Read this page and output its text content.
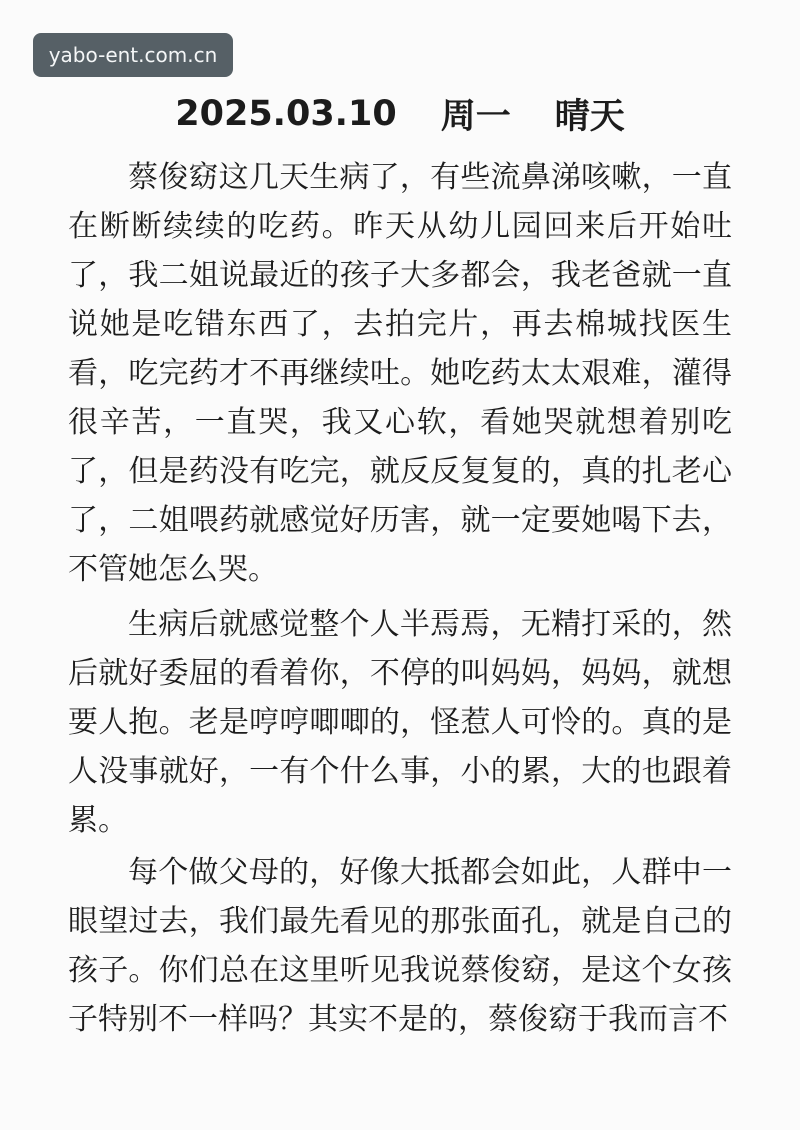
yabo-ent.com.cn
2025.03.10 周一 晴天

蔡俊窈这几天生病了，有些流鼻涕咳嗽，一直在断断续续的吃药。昨天从幼儿园回来后开始吐了，我二姐说最近的孩子大多都会，我老爸就一直说她是吃错东西了，去拍完片，再去棉城找医生看，吃完药才不再继续吐。她吃药太太艰难，灌得很辛苦，一直哭，我又心软，看她哭就想着别吃了，但是药没有吃完，就反反复复的，真的扎老心了，二姐喂药就感觉好历害，就一定要她喝下去，不管她怎么哭。

生病后就感觉整个人半焉焉，无精打采的，然后就好委屈的看着你，不停的叫妈妈，妈妈，就想要人抱。老是哼哼唧唧的，怪惹人可怜的。真的是人没事就好，一有个什么事，小的累，大的也跟着累。

每个做父母的，好像大抵都会如此，人群中一眼望过去，我们最先看见的那张面孔，就是自己的孩子。你们总在这里听见我说蔡俊窈，是这个女孩子特别不一样吗？其实不是的，蔡俊窈于我而言不
